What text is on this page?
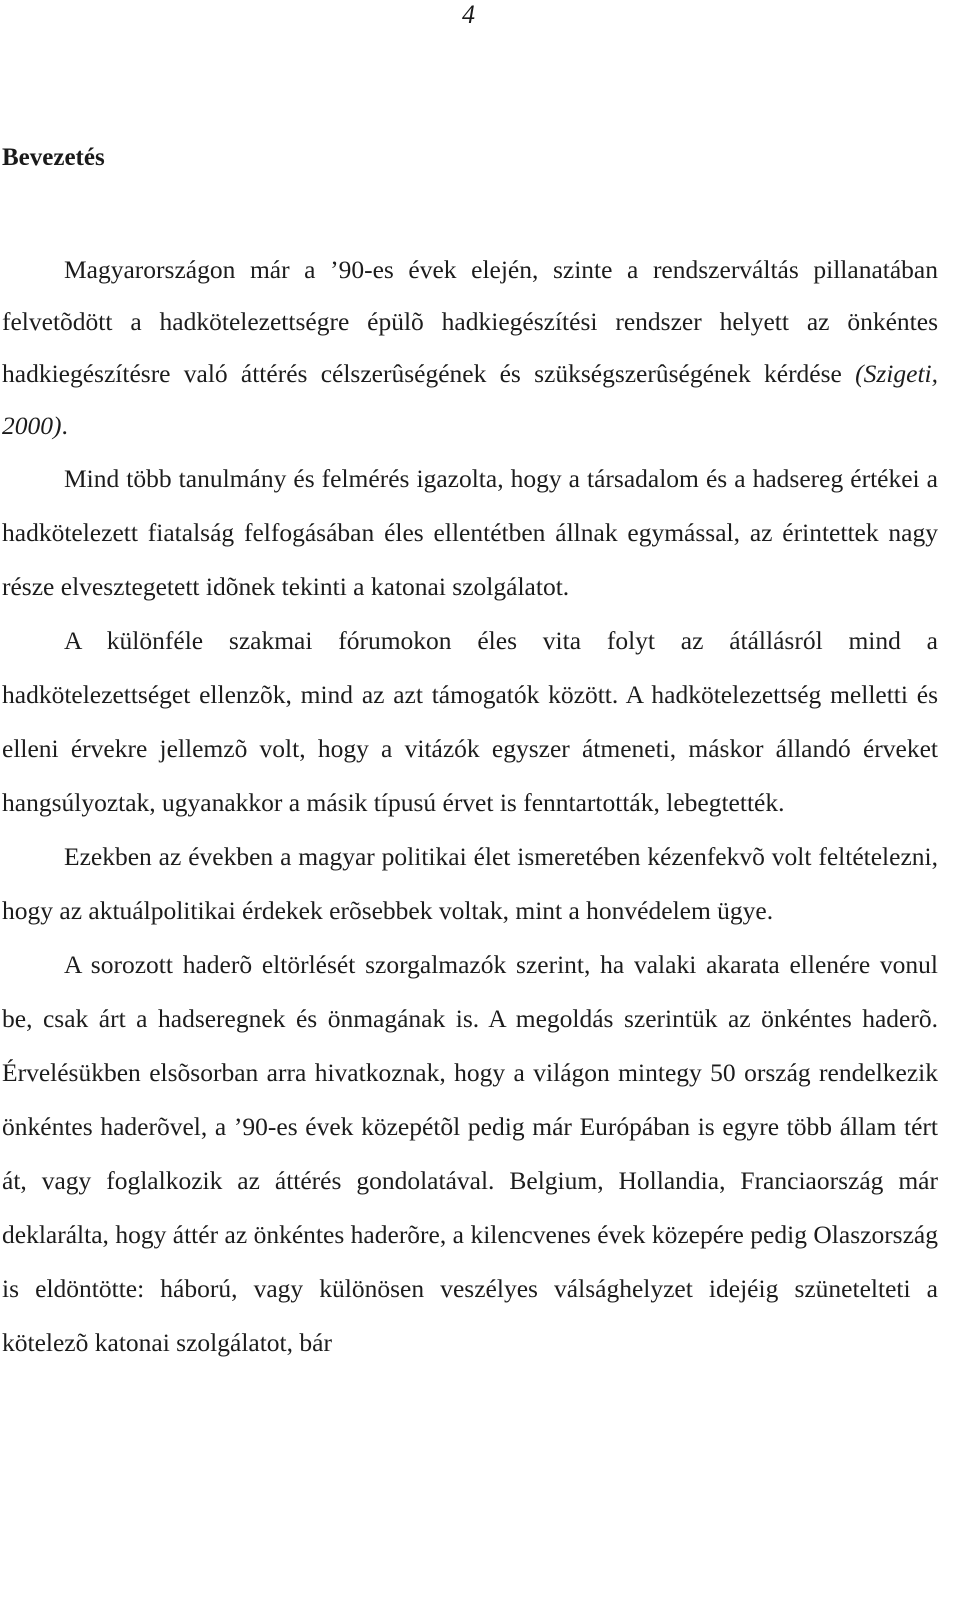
4
Bevezetés

Magyarországon már a ’90-es évek elején, szinte a rendszerváltás pillanatában felvetõdött a hadkötelezettségre épülõ hadkiegészítési rendszer helyett az önkéntes hadkiegészítésre való áttérés célszerûségének és szükségszerûségének kérdése (Szigeti, 2000).

Mind több tanulmány és felmérés igazolta, hogy a társadalom és a hadsereg értékei a hadkötelezett fiatalság felfogásában éles ellentétben állnak egymással, az érintettek nagy része elvesztegetett idõnek tekinti a katonai szolgálatot.

A különféle szakmai fórumokon éles vita folyt az átállásról mind a hadkötelezettséget ellenzõk, mind az azt támogatók között. A hadkötelezettség melletti és elleni érvekre jellemzõ volt, hogy a vitázók egyszer átmeneti, máskor állandó érveket hangsúlyoztak, ugyanakkor a másik típusú érvet is fenntartották, lebegtették.

Ezekben az években a magyar politikai élet ismeretében kézenfekvõ volt feltételezni, hogy az aktuálpolitikai érdekek erõsebbek voltak, mint a honvédelem ügye.

A sorozott haderõ eltörlését szorgalmazók szerint, ha valaki akarata ellenére vonul be, csak árt a hadseregnek és önmagának is. A megoldás szerintük az önkéntes haderõ. Érvelésükben elsõsorban arra hivatkoznak, hogy a világon mintegy 50 ország rendelkezik önkéntes haderõvel, a ’90-es évek közepétõl pedig már Európában is egyre több állam tért át, vagy foglalkozik az áttérés gondolatával. Belgium, Hollandia, Franciaország már deklarálta, hogy áttér az önkéntes haderõre, a kilencvenes évek közepére pedig Olaszország is eldöntötte: háború, vagy különösen veszélyes válsághelyzet idejéig szünetelteti a kötelezõ katonai szolgálatot, bár
